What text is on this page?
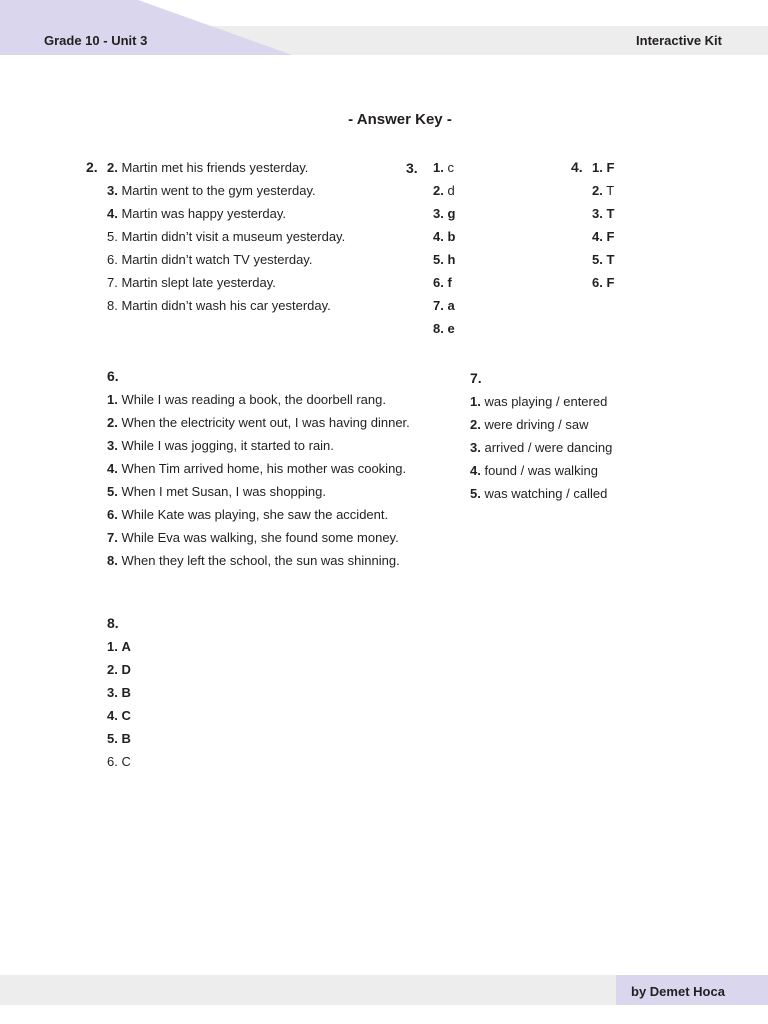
Grade 10 - Unit 3	Interactive Kit
- Answer Key -
2. 2. Martin met his friends yesterday.
3. Martin went to the gym yesterday.
4. Martin was happy yesterday.
5. Martin didn’t visit a museum yesterday.
6. Martin didn’t watch TV yesterday.
7. Martin slept late yesterday.
8. Martin didn’t wash his car yesterday.
3. 1. c
2. d
3. g
4. b
5. h
6. f
7. a
8. e
4. 1. F
2. T
3. T
4. F
5. T
6. F
6.
1. While I was reading a book, the doorbell rang.
2. When the electricity went out, I was having dinner.
3. While I was jogging, it started to rain.
4. When Tim arrived home, his mother was cooking.
5. When I met Susan, I was shopping.
6. While Kate was playing, she saw the accident.
7. While Eva was walking, she found some money.
8. When they left the school, the sun was shinning.
7.
1. was playing / entered
2. were driving / saw
3. arrived / were dancing
4. found / was walking
5. was watching / called
8.
1. A
2. D
3. B
4. C
5. B
6. C
by Demet Hoca
